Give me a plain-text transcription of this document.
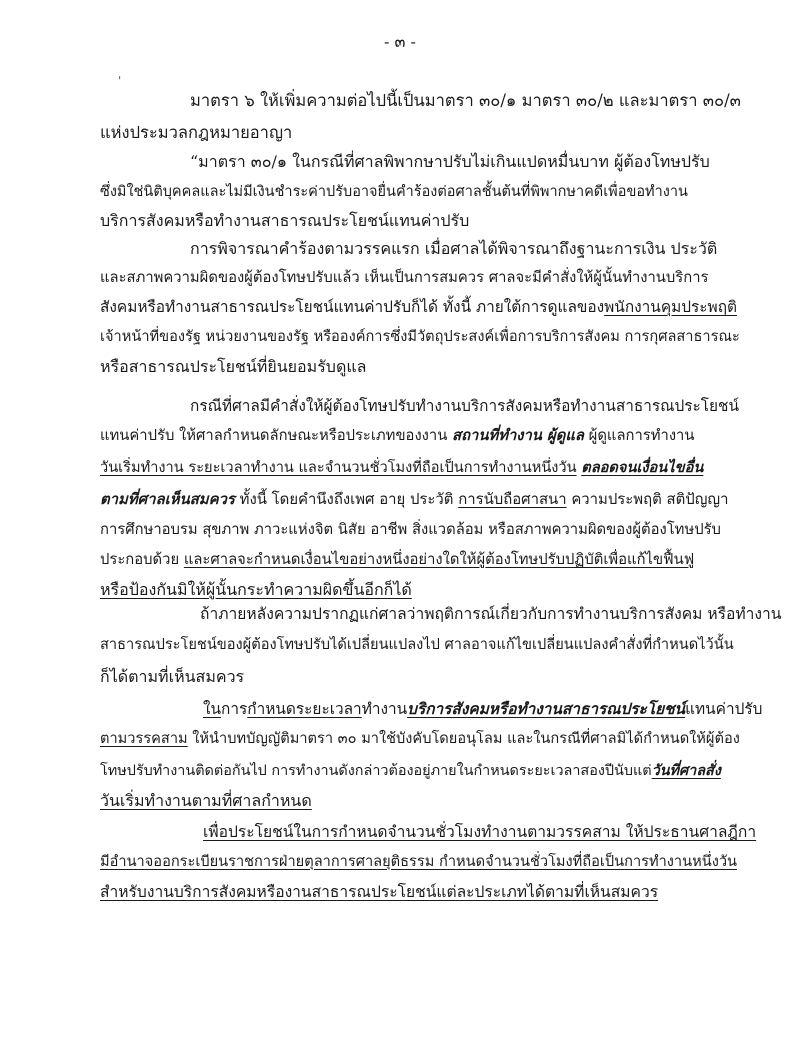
- ๓ -
'
มาตรา ๖ ให้เพิ่มความต่อไปนี้เป็นมาตรา ๓๐/๑ มาตรา ๓๐/๒ และมาตรา ๓๐/๓
แห่งประมวลกฎหมายอาญา
“มาตรา ๓๐/๑ ในกรณีที่ศาลพิพากษาปรับไม่เกินแปดหมื่นบาท ผู้ต้องโทษปรับ
ซึ่งมิใช่นิติบุคคลและไม่มีเงินชำระค่าปรับอาจยื่นคำร้องต่อศาลชั้นต้นที่พิพากษาคดีเพื่อขอทำงาน
บริการสังคมหรือทำงานสาธารณประโยชน์แทนค่าปรับ
การพิจารณาคำร้องตามวรรคแรก เมื่อศาลได้พิจารณาถึงฐานะการเงิน ประวัติ
และสภาพความผิดของผู้ต้องโทษปรับแล้ว เห็นเป็นการสมควร ศาลจะมีคำสั่งให้ผู้นั้นทำงานบริการ
สังคมหรือทำงานสาธารณประโยชน์แทนค่าปรับก็ได้ ทั้งนี้ ภายใต้การดูแลของพนักงานคุมประพฤติ
เจ้าหน้าที่ของรัฐ หน่วยงานของรัฐ หรือองค์การซึ่งมีวัตถุประสงค์เพื่อการบริการสังคม การกุศลสาธารณะ
หรือสาธารณประโยชน์ที่ยินยอมรับดูแล
กรณีที่ศาลมีคำสั่งให้ผู้ต้องโทษปรับทำงานบริการสังคมหรือทำงานสาธารณประโยชน์
แทนค่าปรับ ให้ศาลกำหนดลักษณะหรือประเภทของงาน สถานที่ทำงาน ผู้ดูแล ผู้ดูแลการทำงาน
วันเริ่มทำงาน ระยะเวลาทำงาน และจำนวนชั่วโมงที่ถือเป็นการทำงานหนึ่งวัน ตลอดจนเงื่อนไขอื่น
ตามที่ศาลเห็นสมควร ทั้งนี้ โดยคำนึงถึงเพศ อายุ ประวัติ การนับถือศาสนา ความประพฤติ สติปัญญา
การศึกษาอบรม สุขภาพ ภาวะแห่งจิต นิสัย อาชีพ สิ่งแวดล้อม หรือสภาพความผิดของผู้ต้องโทษปรับ
ประกอบด้วย และศาลจะกำหนดเงื่อนไขอย่างหนึ่งอย่างใดให้ผู้ต้องโทษปรับปฏิบัติเพื่อแก้ไขฟื้นฟู
หรือป้องกันมิให้ผู้นั้นกระทำความผิดขึ้นอีกก็ได้
ถ้าภายหลังความปรากฏแก่ศาลว่าพฤติการณ์เกี่ยวกับการทำงานบริการสังคม หรือทำงาน
สาธารณประโยชน์ของผู้ต้องโทษปรับได้เปลี่ยนแปลงไป ศาลอาจแก้ไขเปลี่ยนแปลงคำสั่งที่กำหนดไว้นั้น
ก็ได้ตามที่เห็นสมควร
ในการกำหนดระยะเวลาทำงานบริการสังคมหรือทำงานสาธารณประโยชน์แทนค่าปรับ
ตามวรรคสาม ให้นำบทบัญญัติมาตรา ๓๐ มาใช้บังคับโดยอนุโลม และในกรณีที่ศาลมิได้กำหนดให้ผู้ต้อง
โทษปรับทำงานติดต่อกันไป การทำงานดังกล่าวต้องอยู่ภายในกำหนดระยะเวลาสองปีนับแต่วันที่ศาลสั่ง
วันเริ่มทำงานตามที่ศาลกำหนด
เพื่อประโยชน์ในการกำหนดจำนวนชั่วโมงทำงานตามวรรคสาม ให้ประธานศาลฎีกา
มีอำนาจออกระเบียนราชการฝ่ายตุลาการศาลยุติธรรม กำหนดจำนวนชั่วโมงที่ถือเป็นการทำงานหนึ่งวัน
สำหรับงานบริการสังคมหรืองานสาธารณประโยชน์แต่ละประเภทได้ตามที่เห็นสมควร
